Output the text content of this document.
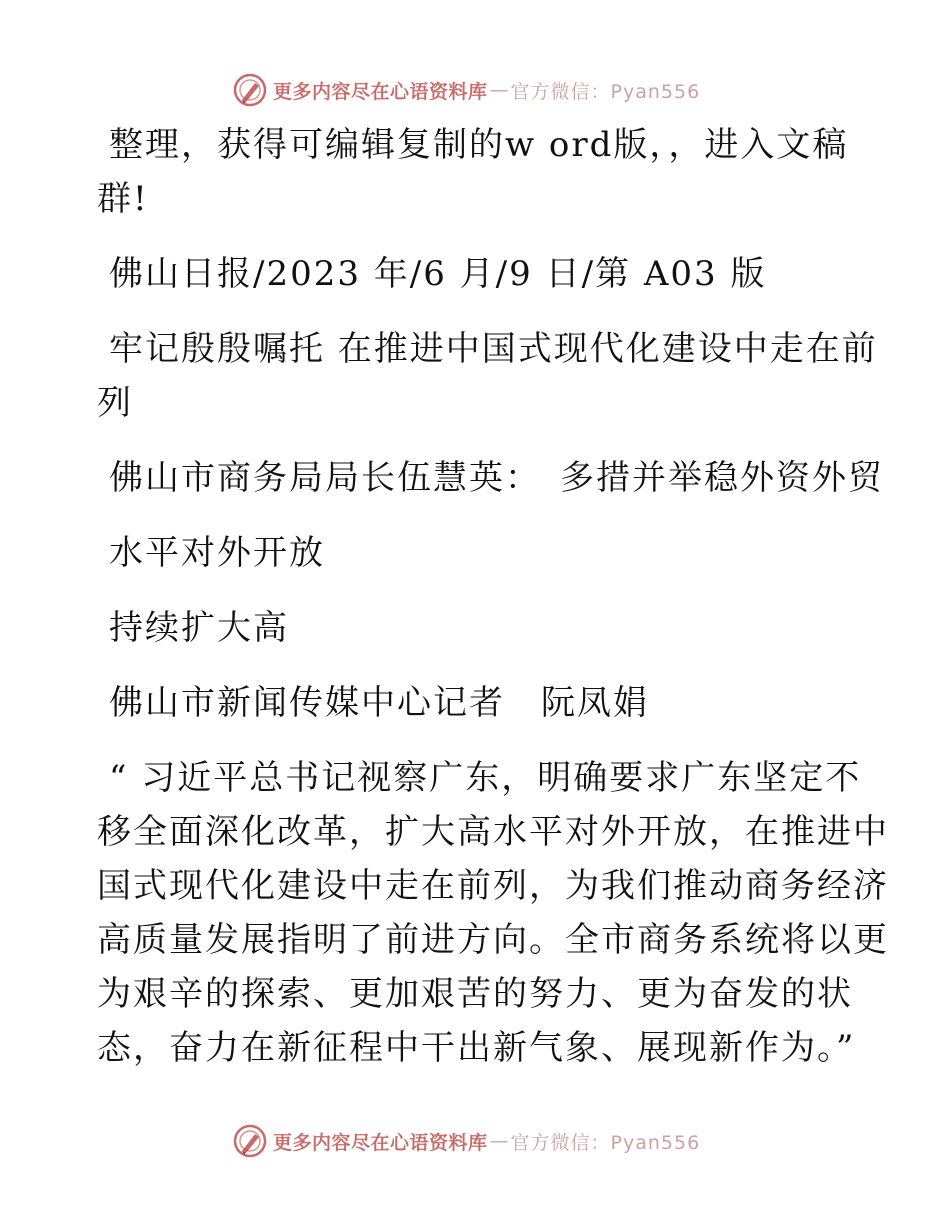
更多内容尽在心语资料库 — 官方微信：Pyan556
整理，获得可编辑复制的w ord版，，进入文稿
群!
佛山日报/2023 年/6 月/9 日/第 A03 版
牢记殷殷嘱托 在推进中国式现代化建设中走在前
列
佛山市商务局局长伍慧英：　多措并举稳外资外贸
水平对外开放
持续扩大高
佛山市新闻传媒中心记者　阮凤娟
“ 习近平总书记视察广东，明确要求广东坚定不
移全面深化改革，扩大高水平对外开放，在推进中
国式现代化建设中走在前列，为我们推动商务经济
高质量发展指明了前进方向。全市商务系统将以更
为艰辛的探索、更加艰苦的努力、更为奋发的状
态，奋力在新征程中干出新气象、展现新作为。”
更多内容尽在心语资料库 — 官方微信：Pyan556
